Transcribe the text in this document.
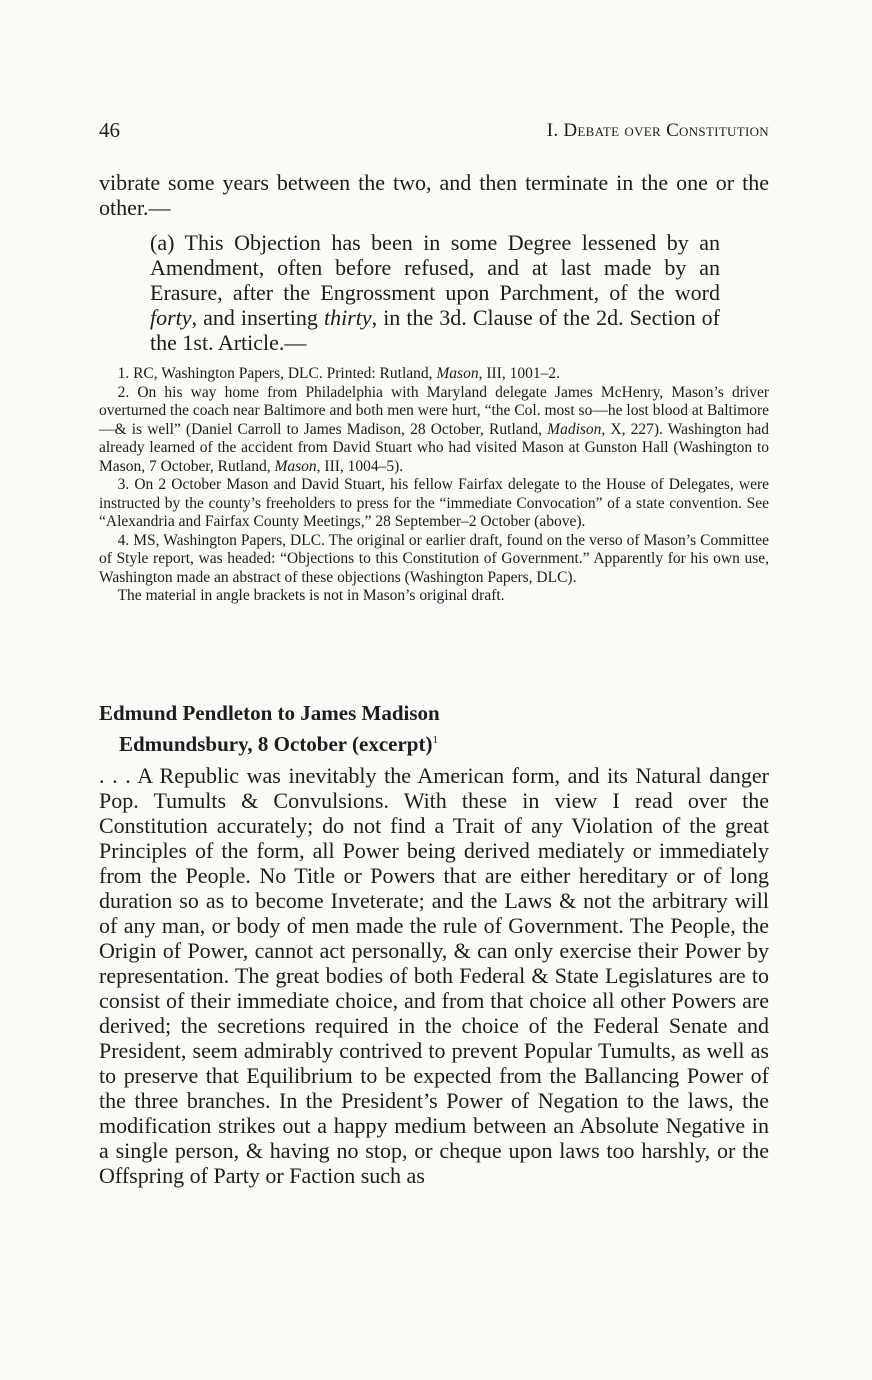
46	I. Debate over Constitution

vibrate some years between the two, and then terminate in the one or the other.—

(a) This Objection has been in some Degree lessened by an Amendment, often before refused, and at last made by an Erasure, after the Engrossment upon Parchment, of the word forty, and inserting thirty, in the 3d. Clause of the 2d. Section of the 1st. Article.—

1. RC, Washington Papers, DLC. Printed: Rutland, Mason, III, 1001–2.

2. On his way home from Philadelphia with Maryland delegate James McHenry, Mason’s driver overturned the coach near Baltimore and both men were hurt, “the Col. most so—he lost blood at Baltimore—& is well” (Daniel Carroll to James Madison, 28 October, Rutland, Madison, X, 227). Washington had already learned of the accident from David Stuart who had visited Mason at Gunston Hall (Washington to Mason, 7 October, Rutland, Mason, III, 1004–5).

3. On 2 October Mason and David Stuart, his fellow Fairfax delegate to the House of Delegates, were instructed by the county’s freeholders to press for the “immediate Convocation” of a state convention. See “Alexandria and Fairfax County Meetings,” 28 September–2 October (above).

4. MS, Washington Papers, DLC. The original or earlier draft, found on the verso of Mason’s Committee of Style report, was headed: “Objections to this Constitution of Government.” Apparently for his own use, Washington made an abstract of these objections (Washington Papers, DLC).

The material in angle brackets is not in Mason’s original draft.

Edmund Pendleton to James Madison
Edmundsbury, 8 October (excerpt)$^1$

. . . A Republic was inevitably the American form, and its Natural danger Pop. Tumults & Convulsions. With these in view I read over the Constitution accurately; do not find a Trait of any Violation of the great Principles of the form, all Power being derived mediately or immediately from the People. No Title or Powers that are either hereditary or of long duration so as to become Inveterate; and the Laws & not the arbitrary will of any man, or body of men made the rule of Government. The People, the Origin of Power, cannot act personally, & can only exercise their Power by representation. The great bodies of both Federal & State Legislatures are to consist of their immediate choice, and from that choice all other Powers are derived; the secretions required in the choice of the Federal Senate and President, seem admirably contrived to prevent Popular Tumults, as well as to preserve that Equilibrium to be expected from the Ballancing Power of the three branches. In the President’s Power of Negation to the laws, the modification strikes out a happy medium between an Absolute Negative in a single person, & having no stop, or cheque upon laws too harshly, or the Offspring of Party or Faction such as
